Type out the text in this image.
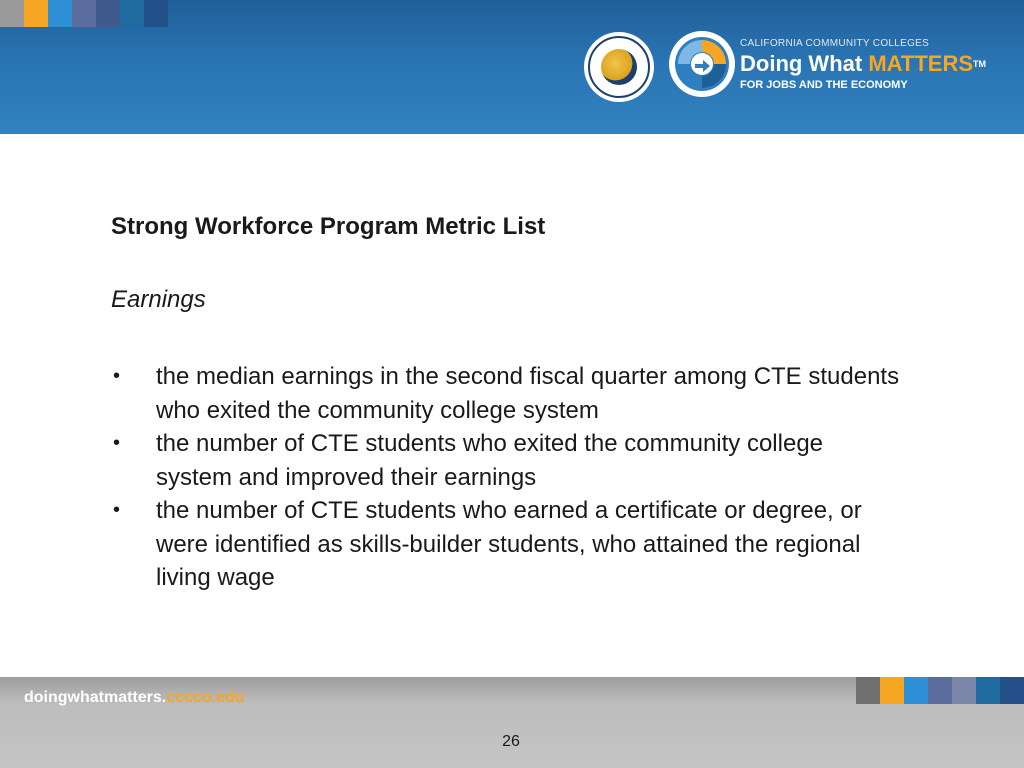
CALIFORNIA COMMUNITY COLLEGES
Doing What MATTERS™
FOR JOBS AND THE ECONOMY
Strong Workforce Program Metric List
Earnings
• the median earnings in the second fiscal quarter among CTE students who exited the community college system
• the number of CTE students who exited the community college system and improved their earnings
• the number of CTE students who earned a certificate or degree, or were identified as skills-builder students, who attained the regional living wage
doingwhatmatters.cccco.edu
26
